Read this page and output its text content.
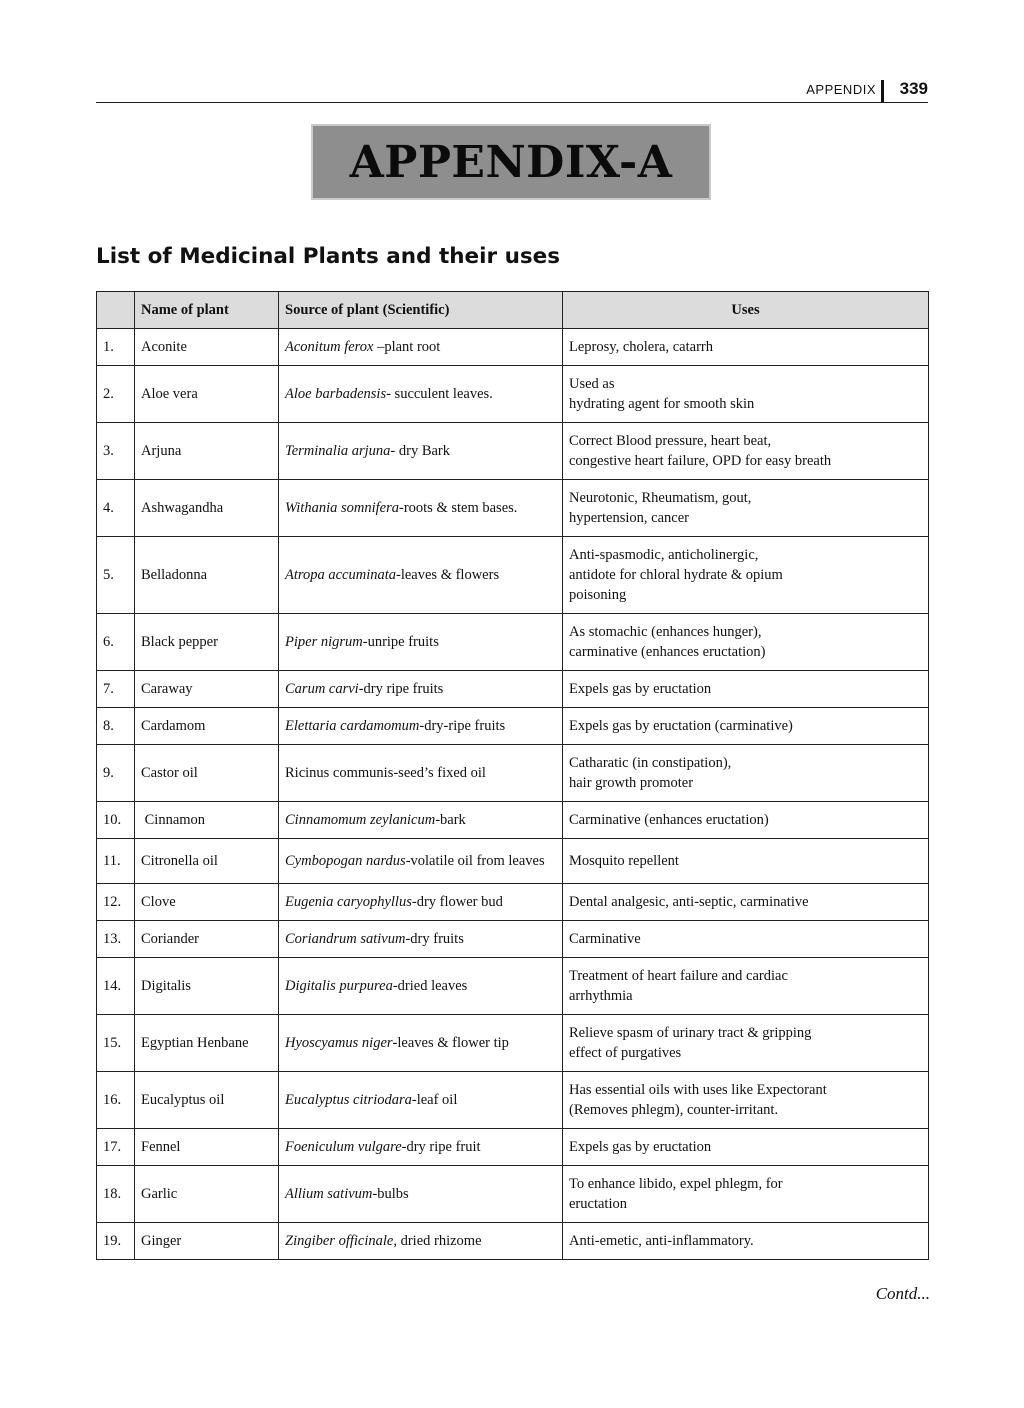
APPENDIX 339
APPENDIX-A
List of Medicinal Plants and their uses
	Name of plant	Source of plant (Scientific)	Uses
1.	Aconite	Aconitum ferox –plant root	Leprosy, cholera, catarrh

2.	Aloe vera	Aloe barbadensis- succulent leaves.	Used as
hydrating agent for smooth skin

3.	Arjuna	Terminalia arjuna- dry Bark	Correct Blood pressure, heart beat,
congestive heart failure, OPD for easy breath

4.	Ashwagandha	Withania somnifera-roots & stem bases.	Neurotonic, Rheumatism, gout,
hypertension, cancer

5.	Belladonna	Atropa accuminata-leaves & flowers	Anti-spasmodic, anticholinergic,
antidote for chloral hydrate & opium
poisoning

6.	Black pepper	Piper nigrum-unripe fruits	As stomachic (enhances hunger),
carminative (enhances eructation)

7.	Caraway	Carum carvi-dry ripe fruits	Expels gas by eructation

8.	Cardamom	Elettaria cardamomum-dry-ripe fruits	Expels gas by eructation (carminative)

9.	Castor oil	Ricinus communis-seed’s fixed oil	Catharatic (in constipation),
hair growth promoter

10.	Cinnamon	Cinnamomum zeylanicum-bark	Carminative (enhances eructation)

11.	Citronella oil	Cymbopogan nardus-volatile oil from leaves	Mosquito repellent

12.	Clove	Eugenia caryophyllus-dry flower bud	Dental analgesic, anti-septic, carminative

13.	Coriander	Coriandrum sativum-dry fruits	Carminative

14.	Digitalis	Digitalis purpurea-dried leaves	Treatment of heart failure and cardiac
arrhythmia

15.	Egyptian Henbane	Hyoscyamus niger-leaves & flower tip	Relieve spasm of urinary tract & gripping
effect of purgatives

16.	Eucalyptus oil	Eucalyptus citriodara-leaf oil	Has essential oils with uses like Expectorant
(Removes phlegm), counter-irritant.

17.	Fennel	Foeniculum vulgare-dry ripe fruit	Expels gas by eructation

18.	Garlic	Allium sativum-bulbs	To enhance libido, expel phlegm, for
eructation

19.	Ginger	Zingiber officinale, dried rhizome	Anti-emetic, anti-inflammatory.
Contd...
